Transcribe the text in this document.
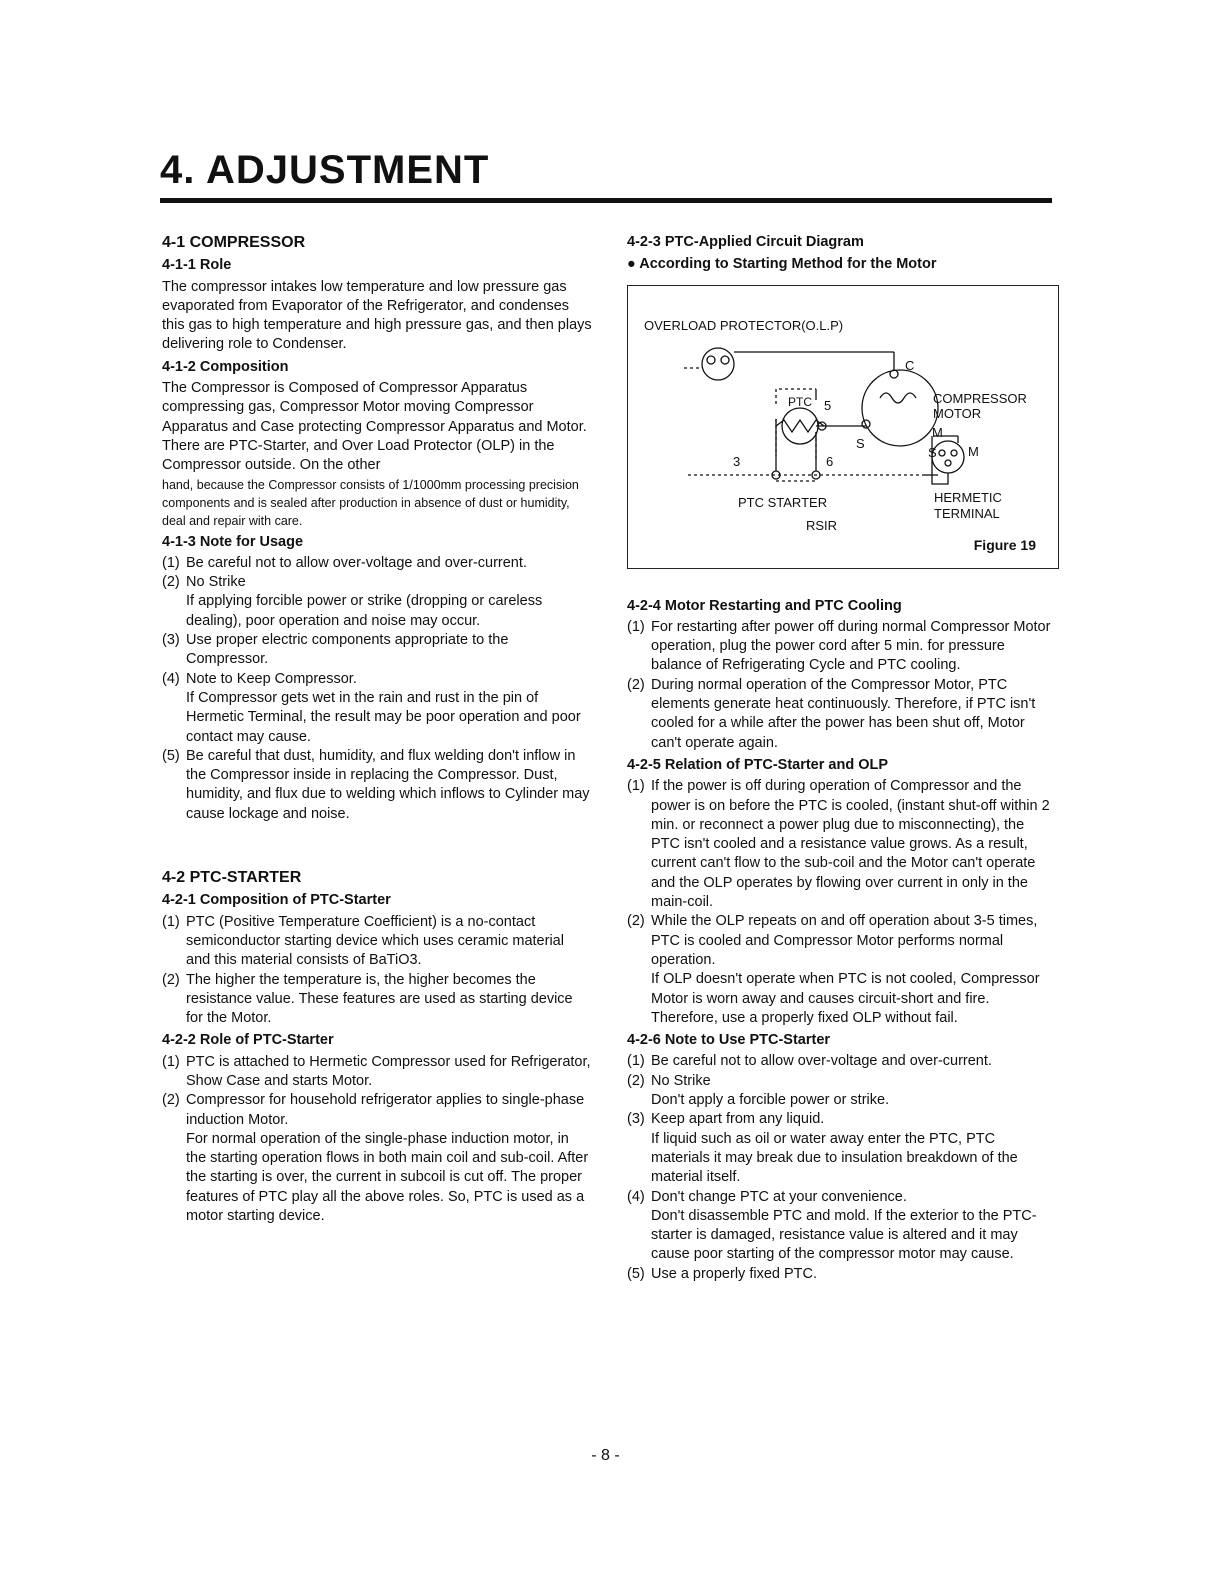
4. ADJUSTMENT
4-1 COMPRESSOR
4-1-1 Role

The compressor intakes low temperature and low pressure gas evaporated from Evaporator of the Refrigerator, and condenses this gas to high temperature and high pressure gas, and then plays delivering role to Condenser.

4-1-2 Composition

The Compressor is Composed of Compressor Apparatus compressing gas, Compressor Motor moving Compressor Apparatus and Case protecting Compressor Apparatus and Motor. There are PTC-Starter, and Over Load Protector (OLP) in the Compressor outside. On the other

hand, because the Compressor consists of 1/1000mm processing precision components and is sealed after production in absence of dust or humidity, deal and repair with care.

4-1-3 Note for Usage
(1) Be careful not to allow over-voltage and over-current.
(2) No Strike
If applying forcible power or strike (dropping or careless dealing), poor operation and noise may occur.
(3) Use proper electric components appropriate to the Compressor.
(4) Note to Keep Compressor.
If Compressor gets wet in the rain and rust in the pin of Hermetic Terminal, the result may be poor operation and poor contact may cause.
(5) Be careful that dust, humidity, and flux welding don't inflow in the Compressor inside in replacing the Compressor. Dust, humidity, and flux due to welding which inflows to Cylinder may cause lockage and noise.
4-2 PTC-STARTER
4-2-1 Composition of PTC-Starter
(1) PTC (Positive Temperature Coefficient) is a no-contact semiconductor starting device which uses ceramic material and this material consists of BaTiO3.
(2) The higher the temperature is, the higher becomes the resistance value. These features are used as starting device for the Motor.
4-2-2 Role of PTC-Starter
(1) PTC is attached to Hermetic Compressor used for Refrigerator, Show Case and starts Motor.
(2) Compressor for household refrigerator applies to single-phase induction Motor.
For normal operation of the single-phase induction motor, in the starting operation flows in both main coil and sub-coil. After the starting is over, the current in subcoil is cut off. The proper features of PTC play all the above roles. So, PTC is used as a motor starting device.
4-2-3 PTC-Applied Circuit Diagram
● According to Starting Method for the Motor
OVERLOAD PROTECTOR(O.L.P)
PTC 5
C
S
3	6
COMPRESSOR
MOTOR
M
S M
PTC STARTER
RSIR
HERMETIC
TERMINAL
Figure 19
4-2-4 Motor Restarting and PTC Cooling
(1) For restarting after power off during normal Compressor Motor operation, plug the power cord after 5 min. for pressure balance of Refrigerating Cycle and PTC cooling.
(2) During normal operation of the Compressor Motor, PTC elements generate heat continuously. Therefore, if PTC isn't cooled for a while after the power has been shut off, Motor can't operate again.
4-2-5 Relation of PTC-Starter and OLP
(1) If the power is off during operation of Compressor and the power is on before the PTC is cooled, (instant shut-off within 2 min. or reconnect a power plug due to misconnecting), the PTC isn't cooled and a resistance value grows. As a result, current can't flow to the sub-coil and the Motor can't operate and the OLP operates by flowing over current in only in the main-coil.
(2) While the OLP repeats on and off operation about 3-5 times, PTC is cooled and Compressor Motor performs normal operation.
If OLP doesn't operate when PTC is not cooled, Compressor Motor is worn away and causes circuit-short and fire. Therefore, use a properly fixed OLP without fail.
4-2-6 Note to Use PTC-Starter
(1) Be careful not to allow over-voltage and over-current.
(2) No Strike
Don't apply a forcible power or strike.
(3) Keep apart from any liquid.
If liquid such as oil or water away enter the PTC, PTC materials it may break due to insulation breakdown of the material itself.
(4) Don't change PTC at your convenience.
Don't disassemble PTC and mold. If the exterior to the PTC-starter is damaged, resistance value is altered and it may cause poor starting of the compressor motor may cause.
(5) Use a properly fixed PTC.
- 8 -
